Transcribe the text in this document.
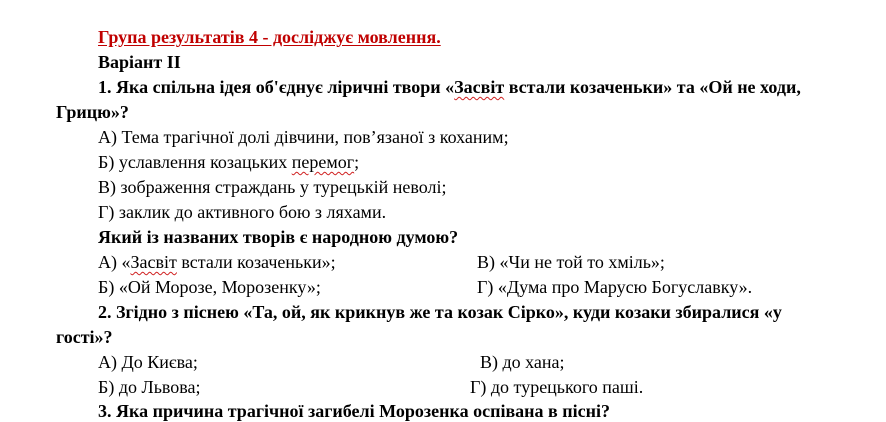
Група результатів 4 - досліджує мовлення.
Варіант ІІ
1. Яка спільна ідея об'єднує ліричні твори «Засвіт встали козаченьки» та «Ой не ходи,
Грицю»?
А) Тема трагічної долі дівчини, пов’язаної з коханим;
Б) уславлення козацьких перемог;
В) зображення страждань у турецькій неволі;
Г) заклик до активного бою з ляхами.
Який із названих творів є народною думою?
А) «Засвіт встали козаченьки»;	В) «Чи не той то хміль»;
Б) «Ой Морозе, Морозенку»;	Г) «Дума про Марусю Богуславку».
2. Згідно з піснею «Та, ой, як крикнув же та козак Сірко», куди козаки збиралися «у
гості»?
А) До Києва;	В) до хана;
Б) до Львова;	Г) до турецького паші.
3. Яка причина трагічної загибелі Морозенка оспівана в пісні?
